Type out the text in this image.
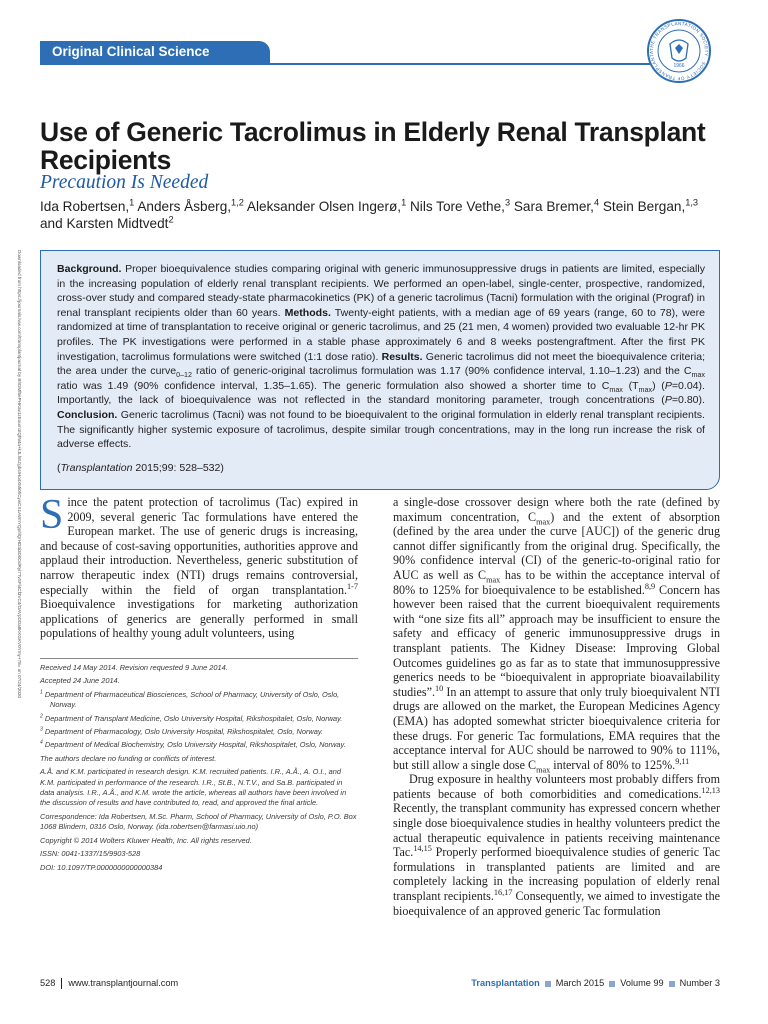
Original Clinical Science	THE TRANSPLANTATION SOCIETY · SOCIETY OF TRANSPLANTA
1966
Downloaded from https://journals.lww.com/transplantjournal by BhDMf5ePHKav1zEoum1tQfN4a+kJLhEZgbsIHo4XMi0hCywCX1AWnYQp/IlQrHD3i3D0OdRyi7TvSFl4Cf3VC4/OAVpDDa8KKGKV0Ymy+78= on 07/24/2020
Use of Generic Tacrolimus in Elderly Renal Transplant Recipients
Precaution Is Needed
Ida Robertsen,$^1$ Anders Åsberg,$^{1,2}$ Aleksander Olsen Ingerø,$^1$ Nils Tore Vethe,$^3$ Sara Bremer,$^4$ Stein Bergan,$^{1,3}$
and Karsten Midtvedt$^2$

Background. Proper bioequivalence studies comparing original with generic immunosuppressive drugs in patients are limited, especially in the increasing population of elderly renal transplant recipients. We performed an open-label, single-center, prospective, randomized, cross-over study and compared steady-state pharmacokinetics (PK) of a generic tacrolimus (Tacni) formulation with the original (Prograf) in renal transplant recipients older than 60 years. Methods. Twenty-eight patients, with a median age of 69 years (range, 60 to 78), were randomized at time of transplantation to receive original or generic tacrolimus, and 25 (21 men, 4 women) provided two evaluable 12-hr PK profiles. The PK investigations were performed in a stable phase approximately 6 and 8 weeks postengraftment. After the first PK investigation, tacrolimus formulations were switched (1:1 dose ratio). Results. Generic tacrolimus did not meet the bioequivalence criteria; the area under the curve$_{0-12}$ ratio of generic-original tacrolimus formulation was 1.17 (90% confidence interval, 1.10–1.23) and the $C_{max}$ ratio was 1.49 (90% confidence interval, 1.35–1.65). The generic formulation also showed a shorter time to $C_{max}$ $(T_{max})$ (P=0.04). Importantly, the lack of bioequivalence was not reflected in the standard monitoring parameter, trough concentrations (P=0.80). Conclusion. Generic tacrolimus (Tacni) was not found to be bioequivalent to the original formulation in elderly renal transplant recipients. The significantly higher systemic exposure of tacrolimus, despite similar trough concentrations, may in the long run increase the risk of adverse effects.

(Transplantation 2015;99: 528–532)

Since the patent protection of tacrolimus (Tac) expired in 2009, several generic Tac formulations have entered the European market. The use of generic drugs is increasing, and because of cost-saving opportunities, authorities approve and applaud their introduction. Nevertheless, generic substitution of narrow therapeutic index (NTI) drugs remains controversial, especially within the field of organ transplantation.$^{1-7}$ Bioequivalence investigations for marketing authorization applications of generics are generally performed in small populations of healthy young adult volunteers, using

Received 14 May 2014. Revision requested 9 June 2014.

Accepted 24 June 2014.

$^1$ Department of Pharmaceutical Biosciences, School of Pharmacy, University of Oslo, Oslo, Norway.

$^2$ Department of Transplant Medicine, Oslo University Hospital, Rikshospitalet, Oslo, Norway.

$^3$ Department of Pharmacology, Oslo University Hospital, Rikshospitalet, Oslo, Norway.

$^4$ Department of Medical Biochemistry, Oslo University Hospital, Rikshospitalet, Oslo, Norway.

The authors declare no funding or conflicts of interest.

A.Å. and K.M. participated in research design. K.M. recruited patients. I.R., A.Å., A. O.I., and K.M. participated in performance of the research. I.R., St.B., N.T.V., and Sa.B. participated in data analysis. I.R., A.Å., and K.M. wrote the article, whereas all authors have been involved in the discussion of results and have contributed to, read, and approved the final article.

Correspondence: Ida Robertsen, M.Sc. Pharm, School of Pharmacy, University of Oslo, P.O. Box 1068 Blindern, 0316 Oslo, Norway. (ida.robertsen@farmasi.uio.no)

Copyright © 2014 Wolters Kluwer Health, Inc. All rights reserved.

ISSN: 0041-1337/15/9903-528

DOI: 10.1097/TP.0000000000000384

a single-dose crossover design where both the rate (defined by maximum concentration, $C_{max}$) and the extent of absorption (defined by the area under the curve [AUC]) of the generic drug cannot differ significantly from the original drug. Specifically, the 90% confidence interval (CI) of the generic-to-original ratio for AUC as well as $C_{max}$ has to be within the acceptance interval of 80% to 125% for bioequivalence to be established.$^{8,9}$ Concern has however been raised that the current bioequivalent requirements with “one size fits all” approach may be insufficient to ensure the safety and efficacy of generic immunosuppressive drugs in transplant patients. The Kidney Disease: Improving Global Outcomes guidelines go as far as to state that immunosuppressive generics needs to be “bioequivalent in appropriate bioavailability studies”.$^{10}$ In an attempt to assure that only truly bioequivalent NTI drugs are allowed on the market, the European Medicines Agency (EMA) has adopted somewhat stricter bioequivalence criteria for these drugs. For generic Tac formulations, EMA requires that the acceptance interval for AUC should be narrowed to 90% to 111%, but still allow a single dose $C_{max}$ interval of 80% to 125%.$^{9,11}$

Drug exposure in healthy volunteers most probably differs from patients because of both comorbidities and comedications.$^{12,13}$ Recently, the transplant community has expressed concern whether single dose bioequivalence studies in healthy volunteers predict the actual therapeutic equivalence in patients receiving maintenance Tac.$^{14,15}$ Properly performed bioequivalence studies of generic Tac formulations in transplanted patients are limited and are completely lacking in the increasing population of elderly renal transplant recipients.$^{16,17}$ Consequently, we aimed to investigate the bioequivalence of an approved generic Tac formulation

528 www.transplantjournal.com	Transplantation March 2015 Volume 99 Number 3
